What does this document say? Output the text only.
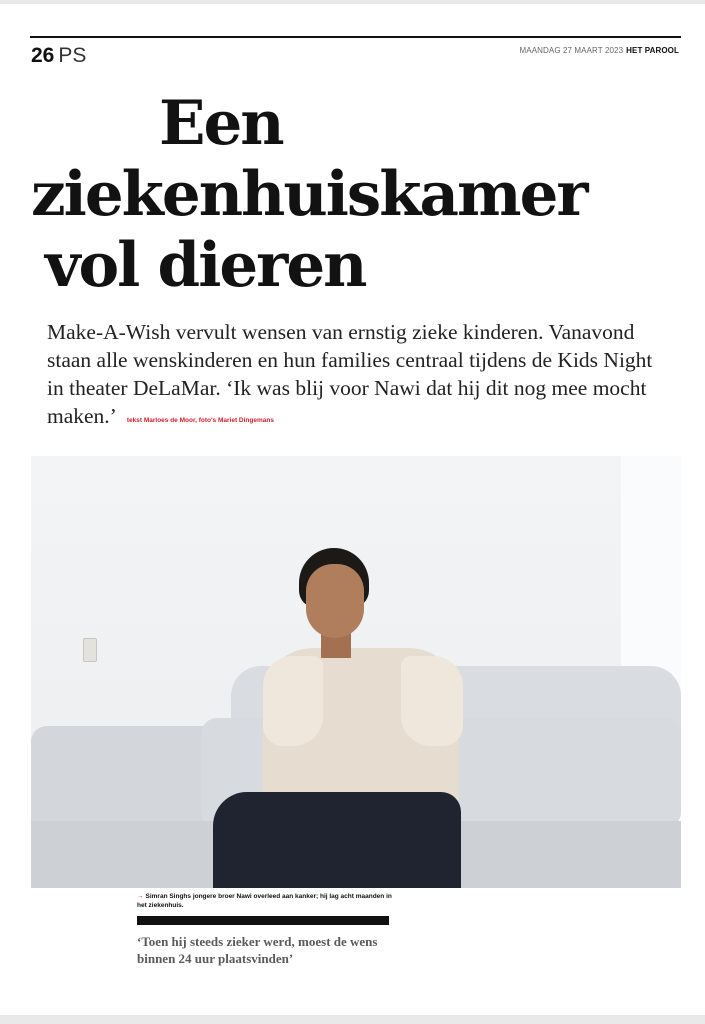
26 PS	MAANDAG 27 MAART 2023 HET PAROOL
Een
ziekenhuiskamer
vol dieren

Make-A-Wish vervult wensen van ernstig zieke kinderen. Vanavond staan alle wenskinderen en hun families centraal tijdens de Kids Night in theater DeLaMar. ‘Ik was blij voor Nawi dat hij dit nog mee mocht maken.’ tekst Marloes de Moor, foto's Mariet Dingemans

→ Simran Singhs jongere broer Nawi overleed aan kanker; hij lag acht maanden in het ziekenhuis.
‘Toen hij steeds zieker werd, moest de wens binnen 24 uur plaatsvinden’
